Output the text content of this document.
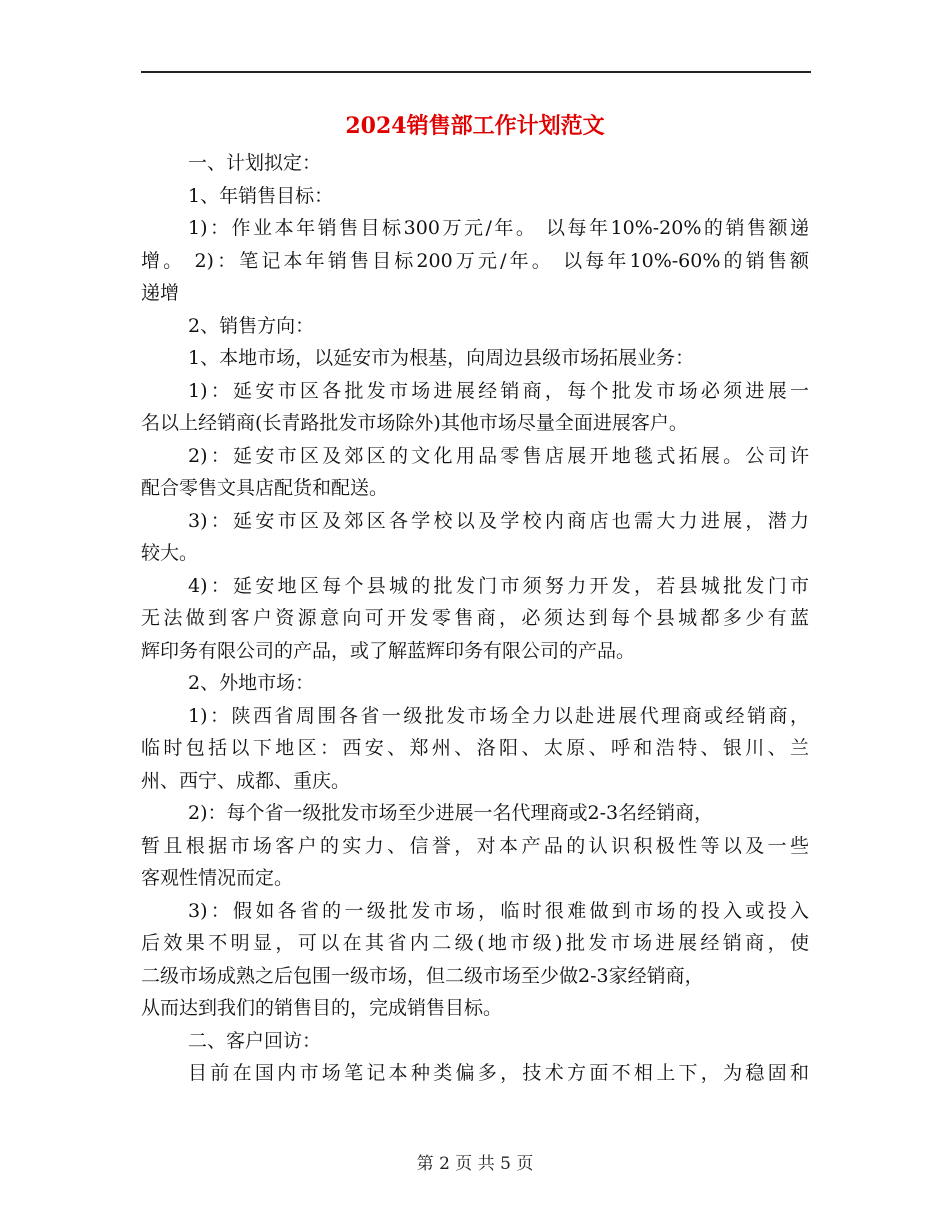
2024销售部工作计划范文
一、计划拟定：
1、年销售目标：
1)：作业本年销售目标300万元/年。 以每年10%-20%的销售额递
增。 2)：笔记本年销售目标200万元/年。 以每年10%-60%的销售额
递增
2、销售方向：
1、本地市场，以延安市为根基，向周边县级市场拓展业务：
1)：延安市区各批发市场进展经销商，每个批发市场必须进展一
名以上经销商(长青路批发市场除外)其他市场尽量全面进展客户。
2)：延安市区及郊区的文化用品零售店展开地毯式拓展。公司许
配合零售文具店配货和配送。
3)：延安市区及郊区各学校以及学校内商店也需大力进展，潜力
较大。
4)：延安地区每个县城的批发门市须努力开发，若县城批发门市
无法做到客户资源意向可开发零售商，必须达到每个县城都多少有蓝
辉印务有限公司的产品，或了解蓝辉印务有限公司的产品。
2、外地市场：
1)：陕西省周围各省一级批发市场全力以赴进展代理商或经销商，
临时包括以下地区：西安、郑州、洛阳、太原、呼和浩特、银川、兰
州、西宁、成都、重庆。
2)：每个省一级批发市场至少进展一名代理商或2-3名经销商，
暂且根据市场客户的实力、信誉，对本产品的认识积极性等以及一些
客观性情况而定。
3)：假如各省的一级批发市场，临时很难做到市场的投入或投入
后效果不明显，可以在其省内二级(地市级)批发市场进展经销商，使
二级市场成熟之后包围一级市场，但二级市场至少做2-3家经销商，
从而达到我们的销售目的，完成销售目标。
二、客户回访：
目前在国内市场笔记本种类偏多，技术方面不相上下，为稳固和
第 2 页 共 5 页
